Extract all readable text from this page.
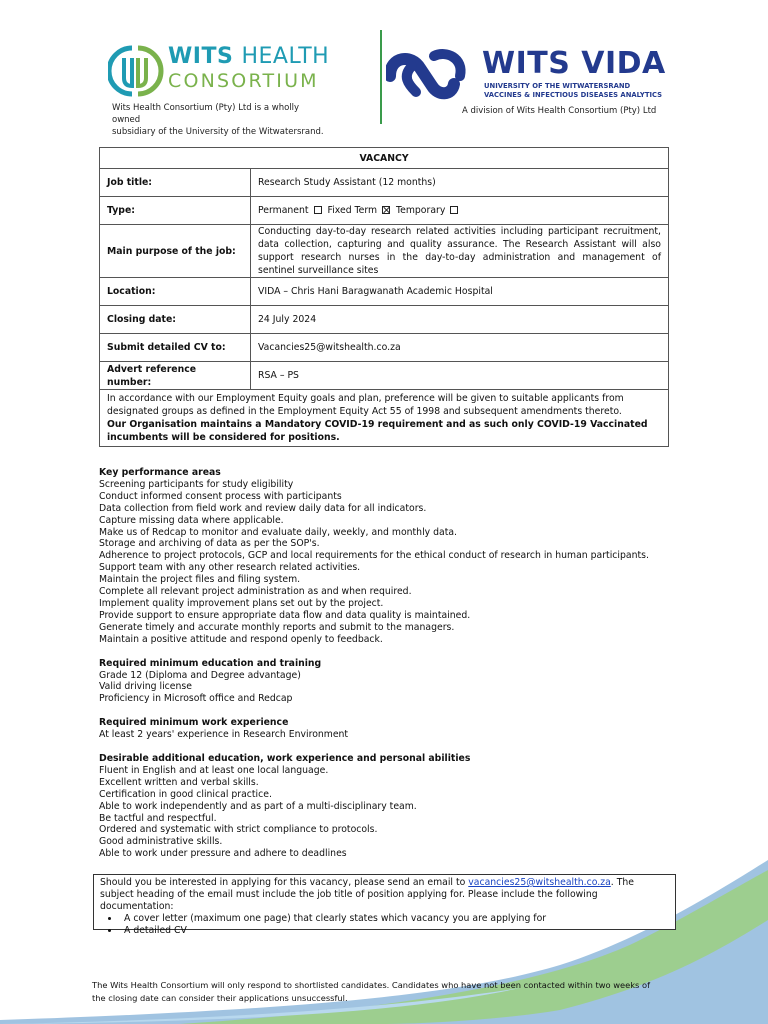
WITS HEALTH
CONSORTIUM
Wits Health Consortium (Pty) Ltd is a wholly owned
subsidiary of the University of the Witwatersrand.
WITS VIDA
UNIVERSITY OF THE WITWATERSRAND
VACCINES & INFECTIOUS DISEASES ANALYTICS
A division of Wits Health Consortium (Pty) Ltd
VACANCY	
Job title:	Research Study Assistant (12 months)
Type:	Permanent Fixed Term Temporary
Main purpose of the job:	Conducting day-to-day research related activities including participant recruitment, data collection, capturing and quality assurance. The Research Assistant will also support research nurses in the day-to-day administration and management of sentinel surveillance sites
Location:	VIDA – Chris Hani Baragwanath Academic Hospital
Closing date:	24 July 2024
Submit detailed CV to:	Vacancies25@witshealth.co.za
Advert reference number:	RSA – PS

In accordance with our Employment Equity goals and plan, preference will be given to suitable applicants from designated groups as defined in the Employment Equity Act 55 of 1998 and subsequent amendments thereto.
Our Organisation maintains a Mandatory COVID-19 requirement and as such only COVID-19 Vaccinated incumbents will be considered for positions.	
Key performance areas
Screening participants for study eligibility
Conduct informed consent process with participants
Data collection from field work and review daily data for all indicators.
Capture missing data where applicable.
Make us of Redcap to monitor and evaluate daily, weekly, and monthly data.
Storage and archiving of data as per the SOP's.
Adherence to project protocols, GCP and local requirements for the ethical conduct of research in human participants.
Support team with any other research related activities.
Maintain the project files and filing system.
Complete all relevant project administration as and when required.
Implement quality improvement plans set out by the project.
Provide support to ensure appropriate data flow and data quality is maintained.
Generate timely and accurate monthly reports and submit to the managers.
Maintain a positive attitude and respond openly to feedback.
Required minimum education and training
Grade 12 (Diploma and Degree advantage)
Valid driving license
Proficiency in Microsoft office and Redcap
Required minimum work experience
At least 2 years' experience in Research Environment
Desirable additional education, work experience and personal abilities
Fluent in English and at least one local language.
Excellent written and verbal skills.
Certification in good clinical practice.
Able to work independently and as part of a multi-disciplinary team.
Be tactful and respectful.
Ordered and systematic with strict compliance to protocols.
Good administrative skills.
Able to work under pressure and adhere to deadlines
Should you be interested in applying for this vacancy, please send an email to vacancies25@witshealth.co.za. The subject heading of the email must include the job title of position applying for. Please include the following documentation:
• A cover letter (maximum one page) that clearly states which vacancy you are applying for
• A detailed CV
The Wits Health Consortium will only respond to shortlisted candidates. Candidates who have not been contacted within two weeks of the closing date can consider their applications unsuccessful.
